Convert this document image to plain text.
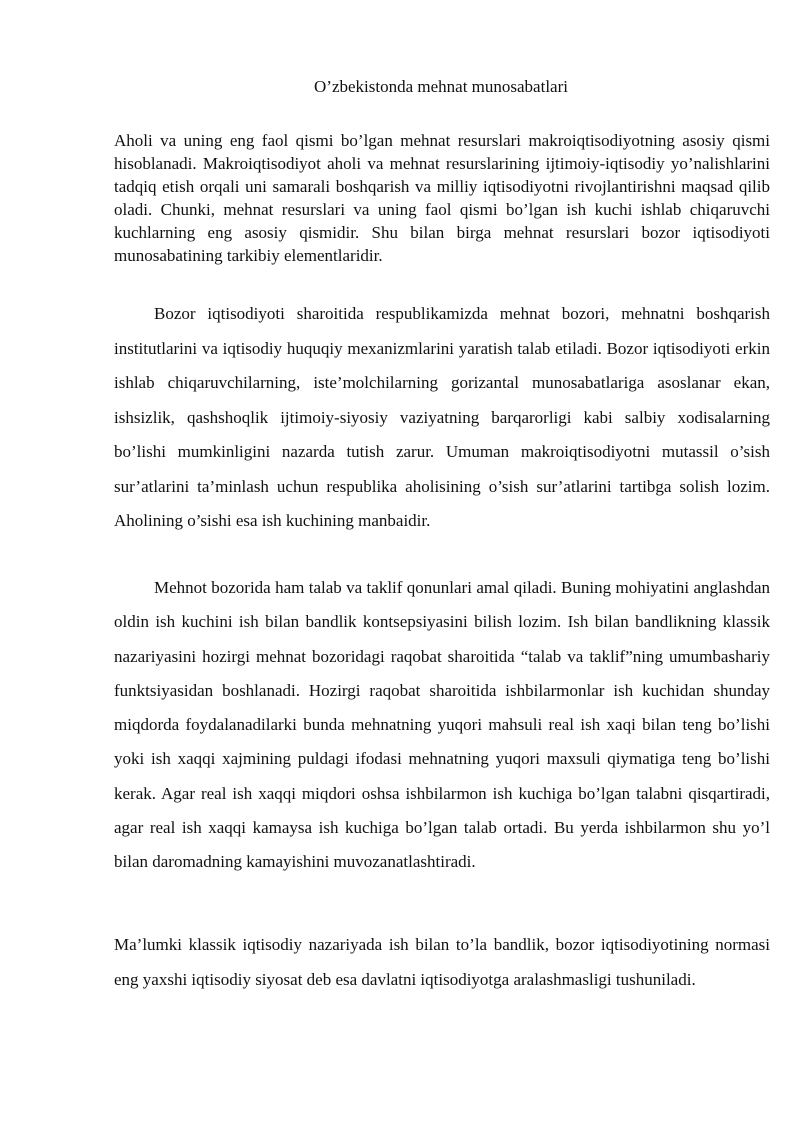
O’zbekistonda mehnat munosabatlari

Aholi va uning eng faol qismi bo’lgan mehnat resurslari makroiqtisodiyotning asosiy qismi hisoblanadi. Makroiqtisodiyot aholi va mehnat resurslarining ijtimoiy-iqtisodiy yo’nalishlarini tadqiq etish orqali uni samarali boshqarish va milliy iqtisodiyotni rivojlantirishni maqsad qilib oladi. Chunki, mehnat resurslari va uning faol qismi bo’lgan ish kuchi ishlab chiqaruvchi kuchlarning eng asosiy qismidir. Shu bilan birga mehnat resurslari bozor iqtisodiyoti munosabatining tarkibiy elementlaridir.

Bozor iqtisodiyoti sharoitida respublikamizda mehnat bozori, mehnatni boshqarish institutlarini va iqtisodiy huquqiy mexanizmlarini yaratish talab etiladi. Bozor iqtisodiyoti erkin ishlab chiqaruvchilarning, iste’molchilarning gorizantal munosabatlariga asoslanar ekan, ishsizlik, qashshoqlik ijtimoiy-siyosiy vaziyatning barqarorligi kabi salbiy xodisalarning bo’lishi mumkinligini nazarda tutish zarur. Umuman makroiqtisodiyotni mutassil o’sish sur’atlarini ta’minlash uchun respublika aholisining o’sish sur’atlarini tartibga solish lozim. Aholining o’sishi esa ish kuchining manbaidir.

Mehnot bozorida ham talab va taklif qonunlari amal qiladi. Buning mohiyatini anglashdan oldin ish kuchini ish bilan bandlik kontsepsiyasini bilish lozim. Ish bilan bandlikning klassik nazariyasini hozirgi mehnat bozoridagi raqobat sharoitida “talab va taklif”ning umumbashariy funktsiyasidan boshlanadi. Hozirgi raqobat sharoitida ishbilarmonlar ish kuchidan shunday miqdorda foydalanadilarki bunda mehnatning yuqori mahsuli real ish xaqi bilan teng bo’lishi yoki ish xaqqi xajmining puldagi ifodasi mehnatning yuqori maxsuli qiymatiga teng bo’lishi kerak. Agar real ish xaqqi miqdori oshsa ishbilarmon ish kuchiga bo’lgan talabni qisqartiradi, agar real ish xaqqi kamaysa ish kuchiga bo’lgan talab ortadi. Bu yerda ishbilarmon shu yo’l bilan daromadning kamayishini muvozanatlashtiradi.

Ma’lumki klassik iqtisodiy nazariyada ish bilan to’la bandlik, bozor iqtisodiyotining normasi eng yaxshi iqtisodiy siyosat deb esa davlatni iqtisodiyotga aralashmasligi tushuniladi.
